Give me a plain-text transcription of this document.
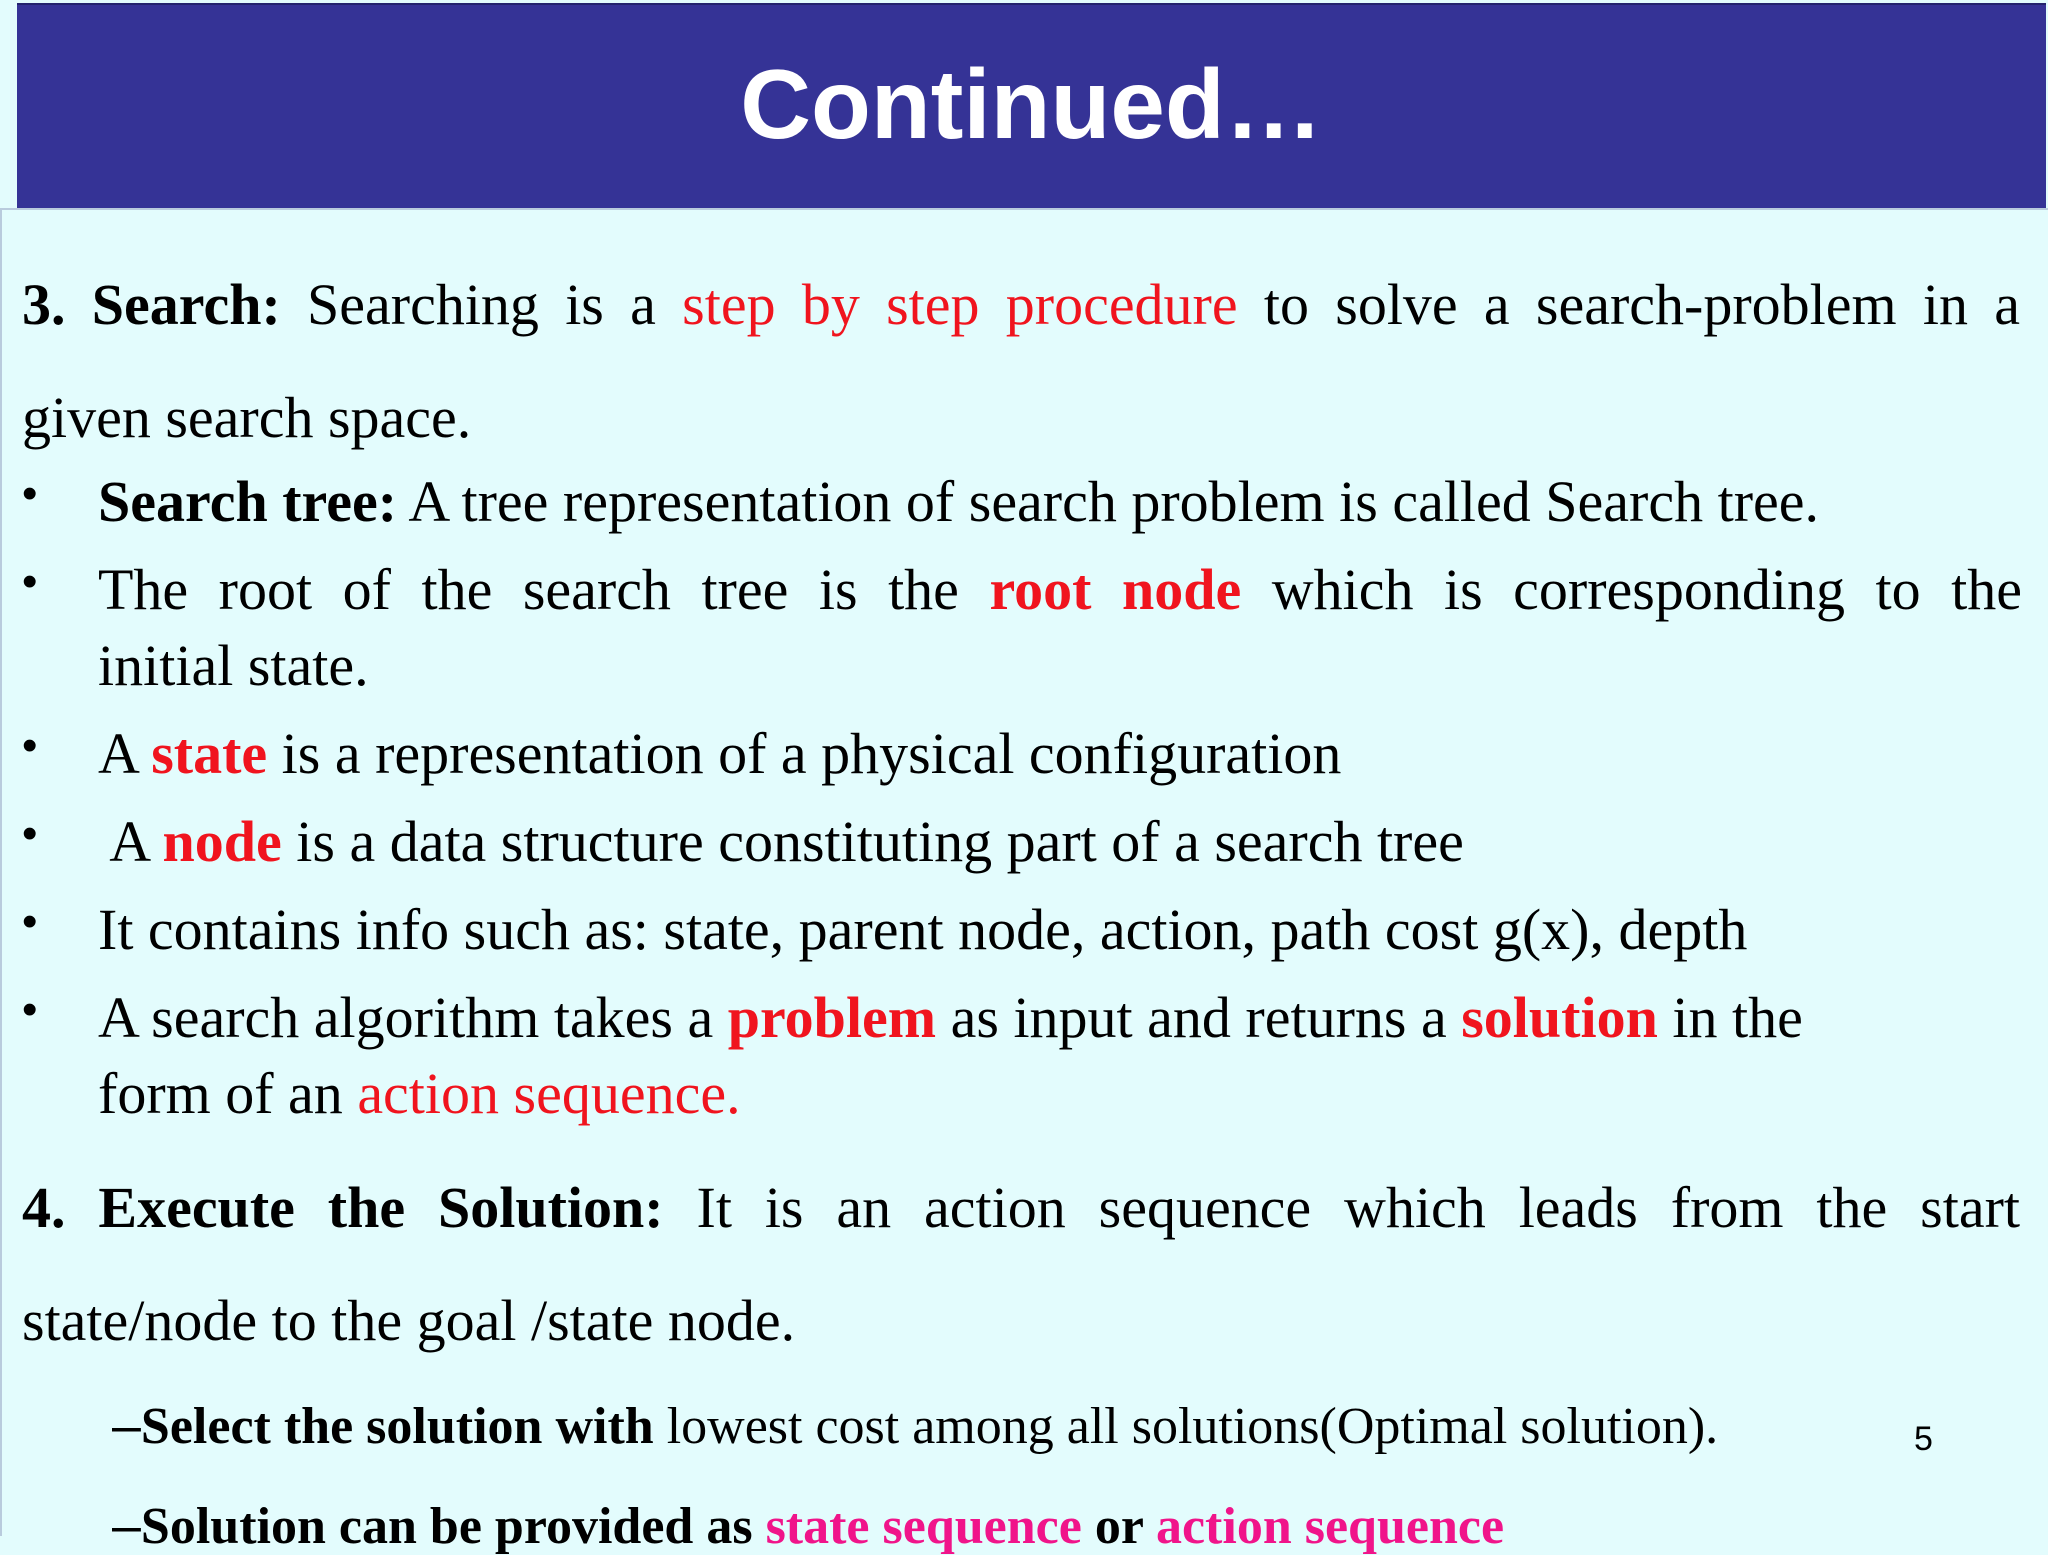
Continued…

3. Search: Searching is a step by step procedure to solve a search-problem in a

given search space.

• Search tree: A tree representation of search problem is called Search tree.
• The root of the search tree is the root node which is corresponding to the
initial state.
• A state is a representation of a physical configuration
• A node is a data structure constituting part of a search tree
• It contains info such as: state, parent node, action, path cost g(x), depth
• A search algorithm takes a problem as input and returns a solution in the
form of an action sequence.

4. Execute the Solution: It is an action sequence which leads from the start

state/node to the goal /state node.

–Select the solution with lowest cost among all solutions(Optimal solution).
–Solution can be provided as state sequence or action sequence
5
